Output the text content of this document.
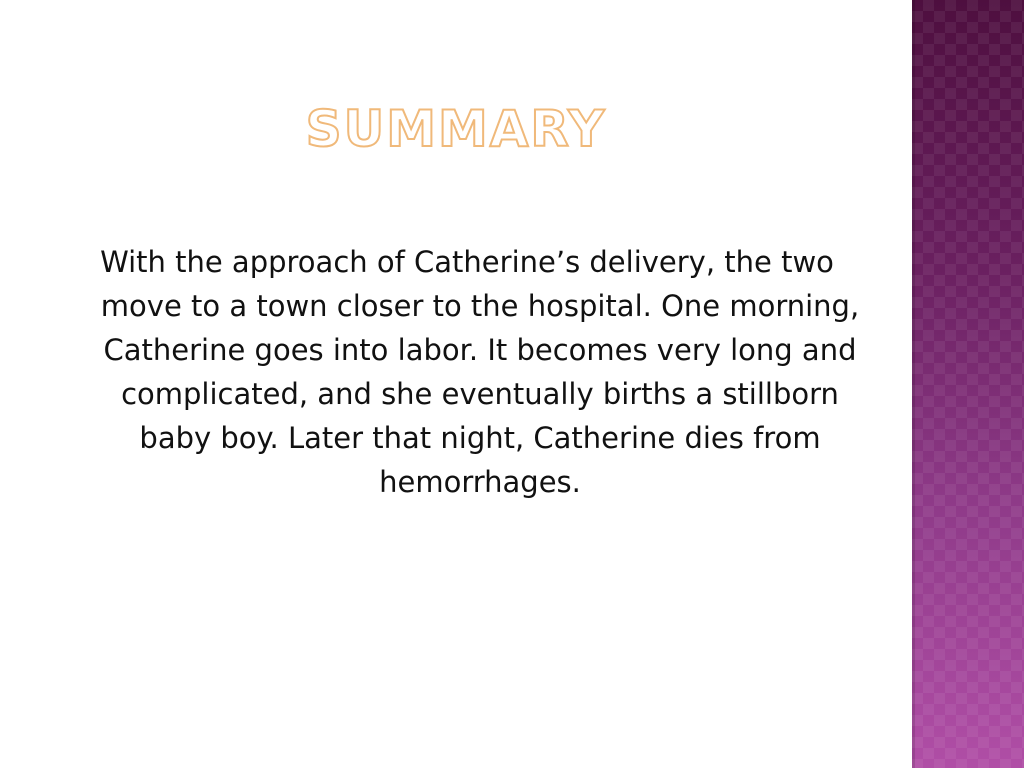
SUMMARY

With the approach of Catherine’s delivery, the two move to a town closer to the hospital. One morning, Catherine goes into labor. It becomes very long and complicated, and she eventually births a stillborn baby boy. Later that night, Catherine dies from hemorrhages.
